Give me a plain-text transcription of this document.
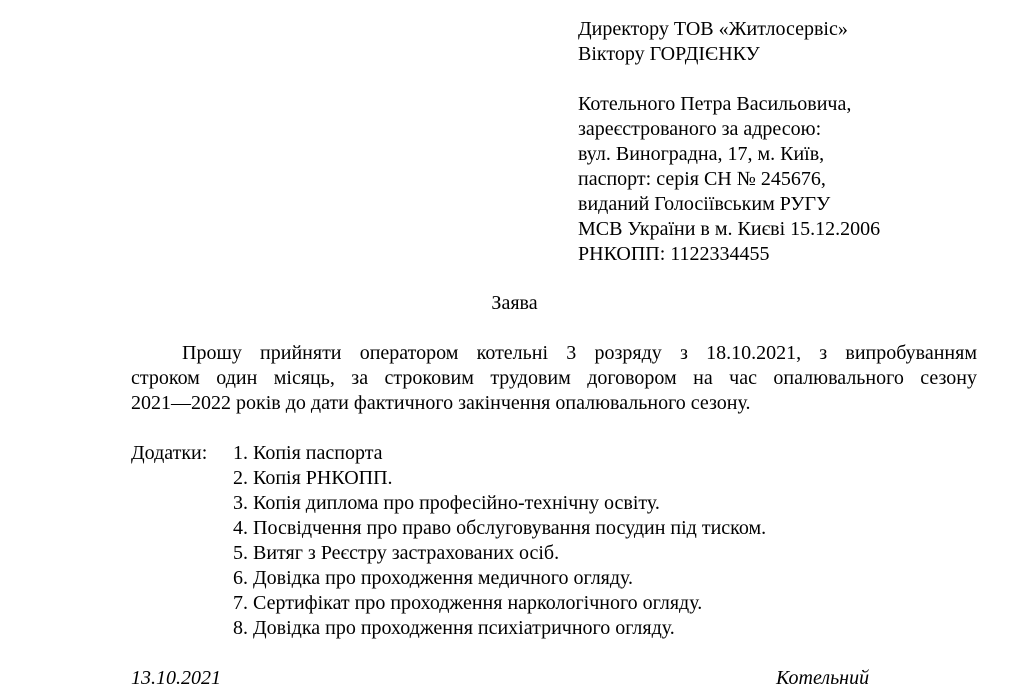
Директору ТОВ «Житлосервіс»
Віктору ГОРДІЄНКУ
Котельного Петра Васильовича,
зареєстрованого за адресою:
вул. Виноградна, 17, м. Київ,
паспорт: серія СН № 245676,
виданий Голосіївським РУГУ
МСВ України в м. Києві 15.12.2006
РНКОПП: 1122334455
Заява
Прошу прийняти оператором котельні 3 розряду з 18.10.2021, з випробуванням
строком один місяць, за строковим трудовим договором на час опалювального сезону
2021—2022 років до дати фактичного закінчення опалювального сезону.
Додатки: 1. Копія паспорта
2. Копія РНКОПП.
3. Копія диплома про професійно-технічну освіту.
4. Посвідчення про право обслуговування посудин під тиском.
5. Витяг з Реєстру застрахованих осіб.
6. Довідка про проходження медичного огляду.
7. Сертифікат про проходження наркологічного огляду.
8. Довідка про проходження психіатричного огляду.
13.10.2021	Котельний
